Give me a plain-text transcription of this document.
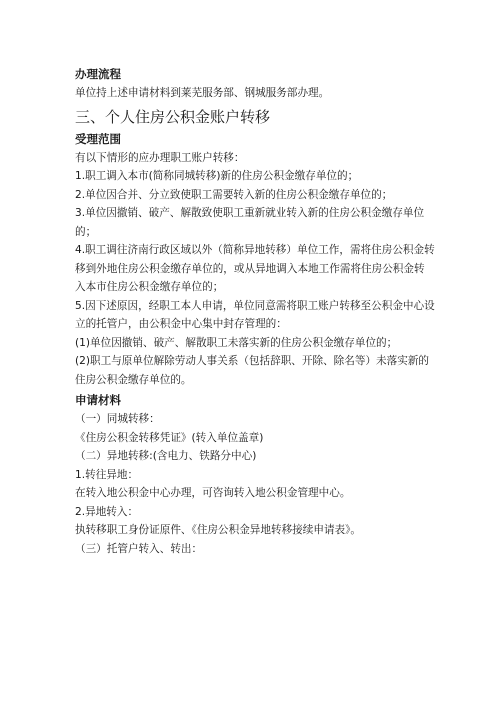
办理流程

单位持上述申请材料到莱芜服务部、钢城服务部办理。

三、个人住房公积金账户转移
受理范围

有以下情形的应办理职工账户转移：

1.职工调入本市(简称同城转移)新的住房公积金缴存单位的；

2.单位因合并、分立致使职工需要转入新的住房公积金缴存单位的；

3.单位因撤销、破产、解散致使职工重新就业转入新的住房公积金缴存单位的；

4.职工调往济南行政区域以外（简称异地转移）单位工作，需将住房公积金转移到外地住房公积金缴存单位的，或从异地调入本地工作需将住房公积金转入本市住房公积金缴存单位的；

5.因下述原因，经职工本人申请，单位同意需将职工账户转移至公积金中心设立的托管户，由公积金中心集中封存管理的：

(1)单位因撤销、破产、解散职工未落实新的住房公积金缴存单位的；

(2)职工与原单位解除劳动人事关系（包括辞职、开除、除名等）未落实新的住房公积金缴存单位的。

申请材料

（一）同城转移：

《住房公积金转移凭证》(转入单位盖章)

（二）异地转移:(含电力、铁路分中心)

1.转往异地：

在转入地公积金中心办理，可咨询转入地公积金管理中心。

2.异地转入：

执转移职工身份证原件、《住房公积金异地转移接续申请表》。

（三）托管户转入、转出：
